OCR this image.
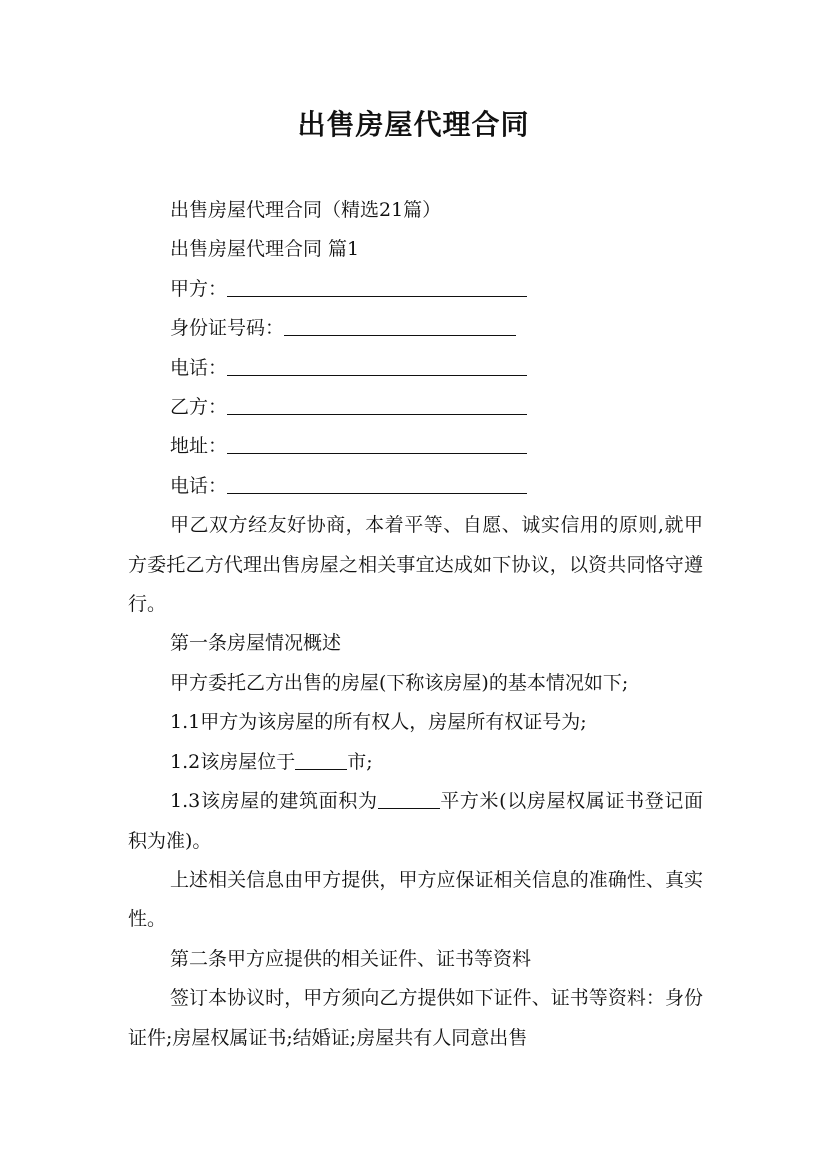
出售房屋代理合同

出售房屋代理合同（精选21篇）

出售房屋代理合同 篇1

甲方：

身份证号码：

电话：

乙方：

地址：

电话：

甲乙双方经友好协商，本着平等、自愿、诚实信用的原则,就甲方委托乙方代理出售房屋之相关事宜达成如下协议，以资共同恪守遵行。

第一条房屋情况概述

甲方委托乙方出售的房屋(下称该房屋)的基本情况如下;

1.1甲方为该房屋的所有权人，房屋所有权证号为;

1.2该房屋位于	市;

1.3该房屋的建筑面积为	平方米(以房屋权属证书登记面积为准)。

上述相关信息由甲方提供，甲方应保证相关信息的准确性、真实性。

第二条甲方应提供的相关证件、证书等资料

签订本协议时，甲方须向乙方提供如下证件、证书等资料：身份证件;房屋权属证书;结婚证;房屋共有人同意出售
